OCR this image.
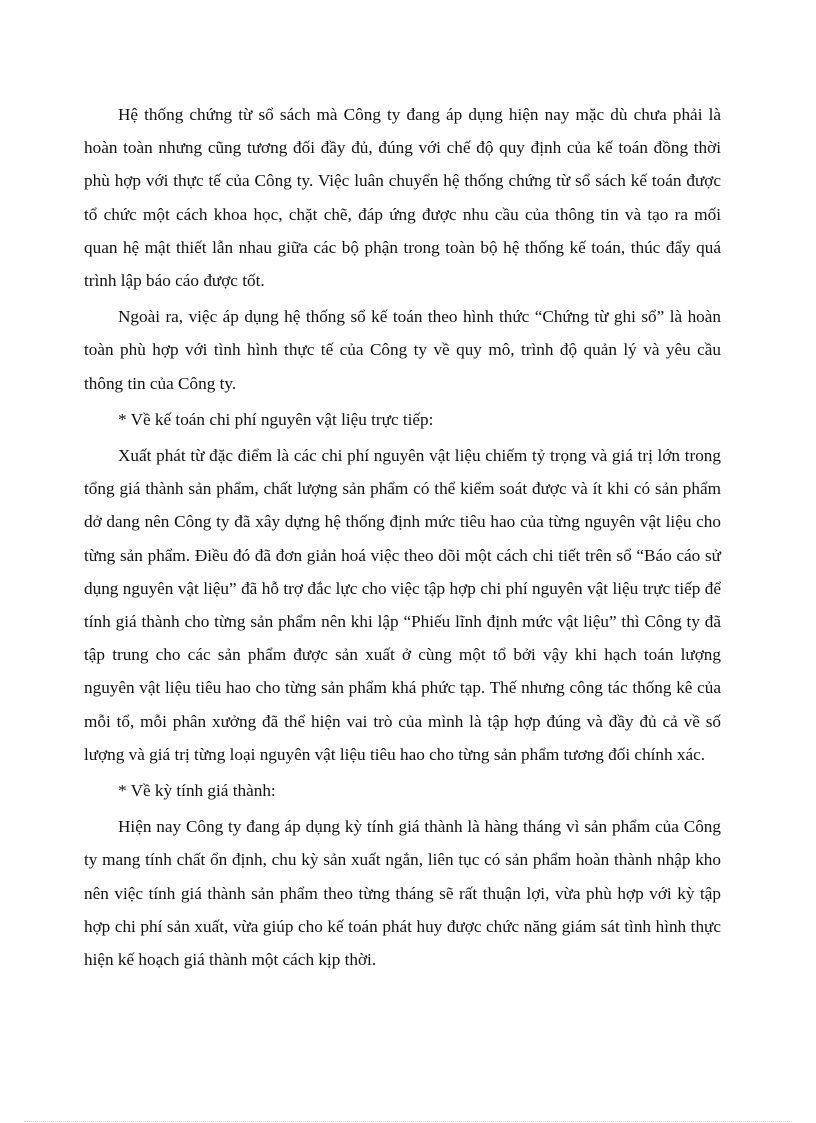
Hệ thống chứng từ sổ sách mà Công ty đang áp dụng hiện nay mặc dù chưa phải là hoàn toàn nhưng cũng tương đối đầy đủ, đúng với chế độ quy định của kế toán đồng thời phù hợp với thực tế của Công ty. Việc luân chuyển hệ thống chứng từ sổ sách kế toán được tổ chức một cách khoa học, chặt chẽ, đáp ứng được nhu cầu của thông tin và tạo ra mối quan hệ mật thiết lẫn nhau giữa các bộ phận trong toàn bộ hệ thống kế toán, thúc đẩy quá trình lập báo cáo được tốt.

Ngoài ra, việc áp dụng hệ thống sổ kế toán theo hình thức “Chứng từ ghi sổ” là hoàn toàn phù hợp với tình hình thực tế của Công ty về quy mô, trình độ quản lý và yêu cầu thông tin của Công ty.

* Về kế toán chi phí nguyên vật liệu trực tiếp:

Xuất phát từ đặc điểm là các chi phí nguyên vật liệu chiếm tỷ trọng và giá trị lớn trong tổng giá thành sản phẩm, chất lượng sản phẩm có thể kiểm soát được và ít khi có sản phẩm dở dang nên Công ty đã xây dựng hệ thống định mức tiêu hao của từng nguyên vật liệu cho từng sản phẩm. Điều đó đã đơn giản hoá việc theo dõi một cách chi tiết trên sổ “Báo cáo sử dụng nguyên vật liệu” đã hỗ trợ đắc lực cho việc tập hợp chi phí nguyên vật liệu trực tiếp để tính giá thành cho từng sản phẩm nên khi lập “Phiếu lĩnh định mức vật liệu” thì Công ty đã tập trung cho các sản phẩm được sản xuất ở cùng một tổ bởi vậy khi hạch toán lượng nguyên vật liệu tiêu hao cho từng sản phẩm khá phức tạp. Thế nhưng công tác thống kê của mỗi tổ, mỗi phân xưởng đã thể hiện vai trò của mình là tập hợp đúng và đầy đủ cả về số lượng và giá trị từng loại nguyên vật liệu tiêu hao cho từng sản phẩm tương đối chính xác.

* Về kỳ tính giá thành:

Hiện nay Công ty đang áp dụng kỳ tính giá thành là hàng tháng vì sản phẩm của Công ty mang tính chất ổn định, chu kỳ sản xuất ngắn, liên tục có sản phẩm hoàn thành nhập kho nên việc tính giá thành sản phẩm theo từng tháng sẽ rất thuận lợi, vừa phù hợp với kỳ tập hợp chi phí sản xuất, vừa giúp cho kế toán phát huy được chức năng giám sát tình hình thực hiện kế hoạch giá thành một cách kịp thời.
